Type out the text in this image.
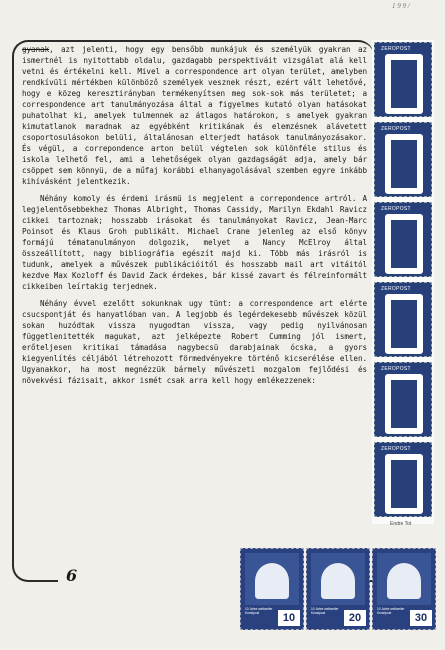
1 9 9 /

gyanak, azt jelenti, hogy egy bensőbb munkájuk és személyük gyakran az ismertnél is nyitottabb oldalu, gazdagabb perspektiváit vizsgálat alá kell vetni és értékelni kell. Mivel a correspondence art olyan terület, amelyben rendkívüli mértékben különböző személyek vesznek részt, ezért vált lehetővé, hogy e közeg keresztirányban termékenyítsen meg sok-sok más területet; a correspondence art tanulmányozása által a figyelmes kutató olyan hatásokat puhatolhat ki, amelyek tulmennek az átlagos határokon, s amelyek gyakran kimutatlanok maradnak az egyébként kritikának és elemzésnek alávetett csoportosulásokon belüli, általánosan elterjedt hatások tanulmányozásakor. És végül, a correpondence arton belül végtelen sok különféle stilus és iskola lelhető fel, ami a lehetőségek olyan gazdagságát adja, amely bár csöppet sem könnyü, de a műfaj korábbi elhanyagolásával szemben egyre inkább kihívásként jelentkezik.

Néhány komoly és érdemi irásmü is megjelent a correpondence artról. A legjelentősebbekhez Thomas Albright, Thomas Cassidy, Marilyn Ekdahl Ravicz cikkei tartoznak; hosszabb irásokat és tanulmányokat Ravicz, Jean-Marc Poinsot és Klaus Groh publikált. Michael Crane jelenleg az első könyv formájú tématanulmányon dolgozik, melyet a Nancy McElroy által összeállított, nagy bibliográfia egészít majd ki. Több más irásról is tudunk, amelyek a művészek publikációitól és hosszabb mail art vitáitól kezdve Max Kozloff és David Zack érdekes, bár kissé zavart és félreinformált cikkeiben leírtakig terjednek.

Néhány évvel ezelőtt sokunknak ugy tünt: a correspondence art elérte csucspontját és hanyatlóban van. A legjobb és legérdekesebb művészek közül sokan huzódtak vissza nyugodtan vissza, vagy pedig nyilvánosan függetlenitették magukat, azt jelképezte Robert Cumming jól ismert, erőteljesen kritikai támadása nagybecsü darabjainak ócska, a gyors kiegyenlítés céljából létrehozott förmedvényekre történő kicserélése ellen. Ugyanakkor, ha most megnézzük bármely művészeti mozgalom fejlődési és növekvési fázisait, akkor ismét csak arra kell hogy emlékezzenek:

6
ZEROPOST
ZEROPOST
ZEROPOST
ZEROPOST
ZEROPOST
ZEROPOST
Endre Tot
10 Jahre weltweiter Kunstpost	10
10 Jahre weltweiter Kunstpost	20
10 Jahre weltweiter Kunstpost	30
